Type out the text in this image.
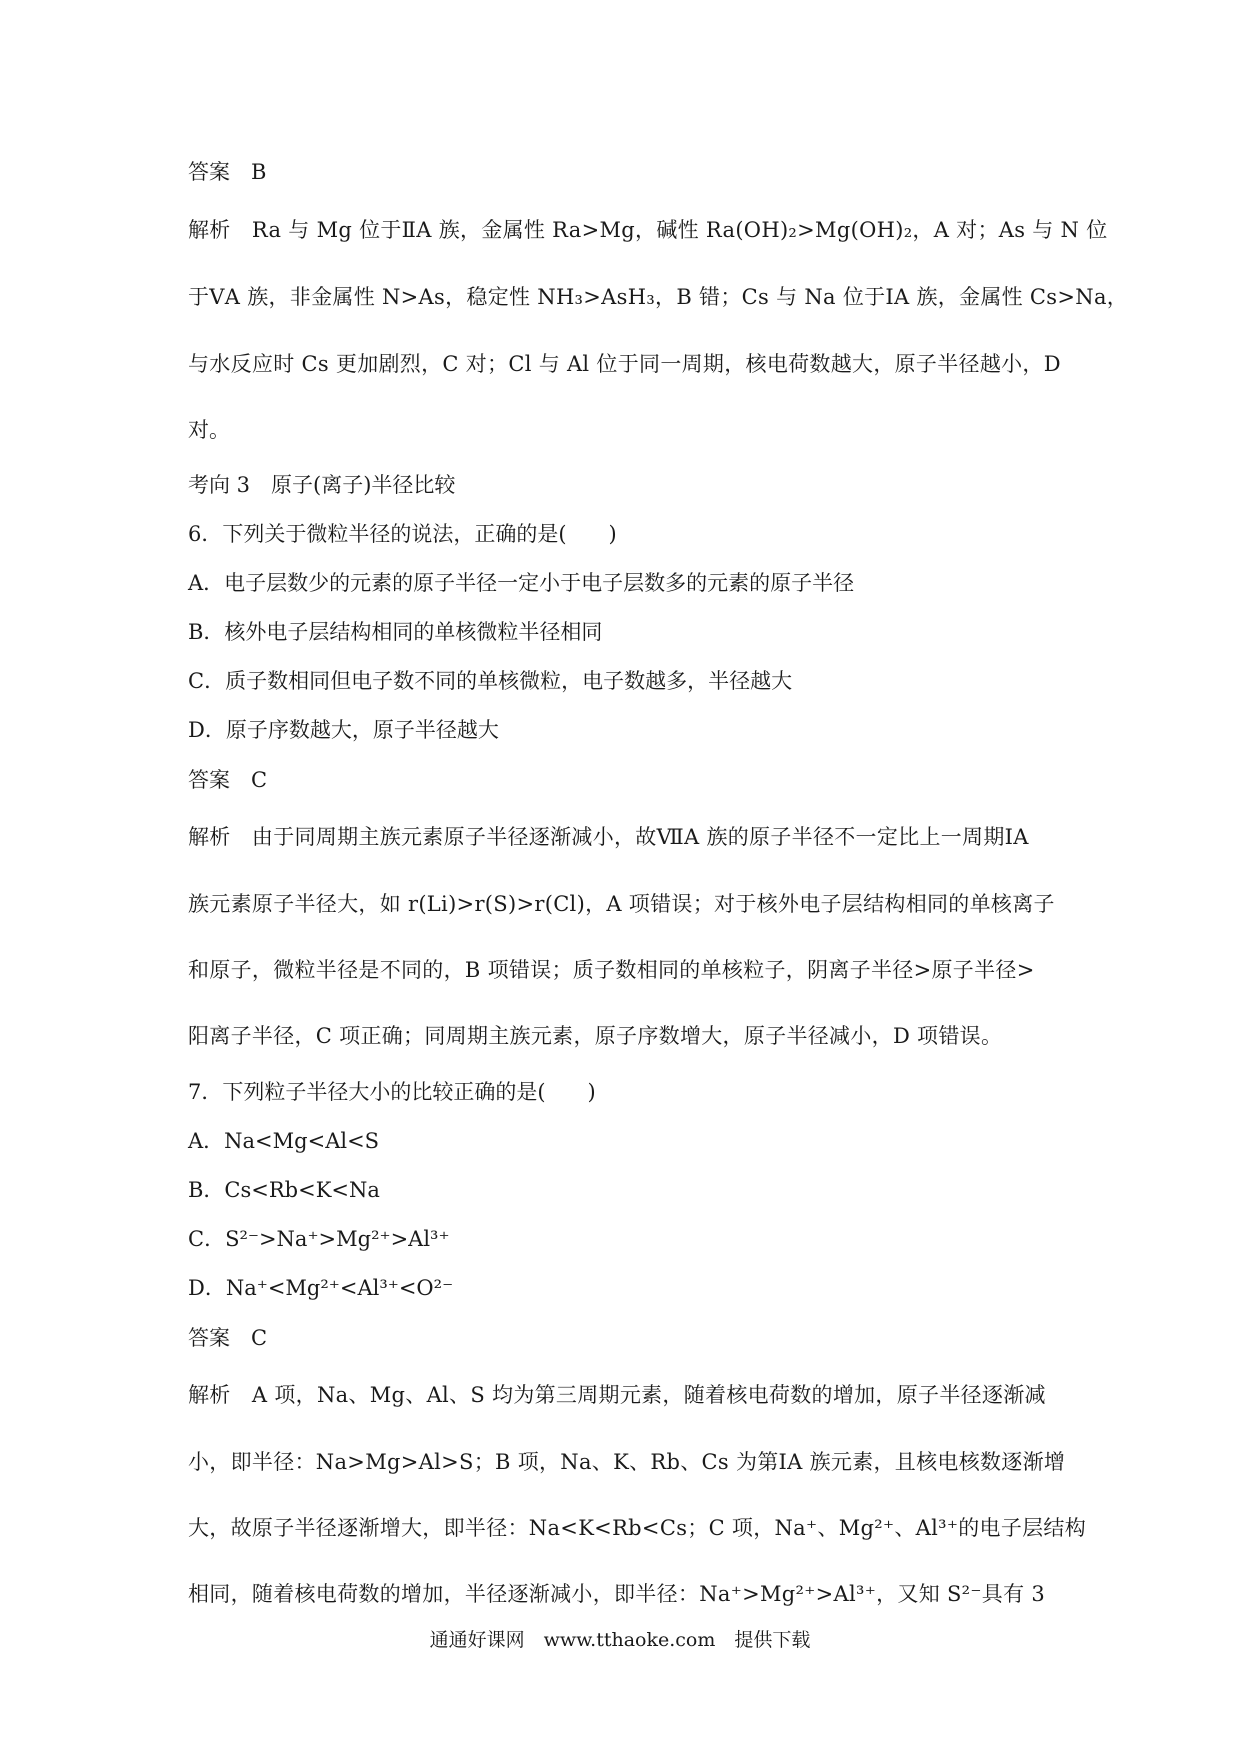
答案　B
解析　Ra 与 Mg 位于ⅡA 族，金属性 Ra>Mg，碱性 Ra(OH)₂>Mg(OH)₂，A 对；As 与 N 位
于ⅤA 族，非金属性 N>As，稳定性 NH₃>AsH₃，B 错；Cs 与 Na 位于ⅠA 族，金属性 Cs>Na，
与水反应时 Cs 更加剧烈，C 对；Cl 与 Al 位于同一周期，核电荷数越大，原子半径越小，D
对。
考向 3　原子(离子)半径比较
6．下列关于微粒半径的说法，正确的是(　　)
A．电子层数少的元素的原子半径一定小于电子层数多的元素的原子半径
B．核外电子层结构相同的单核微粒半径相同
C．质子数相同但电子数不同的单核微粒，电子数越多，半径越大
D．原子序数越大，原子半径越大
答案　C
解析　由于同周期主族元素原子半径逐渐减小，故ⅦA 族的原子半径不一定比上一周期ⅠA
族元素原子半径大，如 r(Li)>r(S)>r(Cl)，A 项错误；对于核外电子层结构相同的单核离子
和原子，微粒半径是不同的，B 项错误；质子数相同的单核粒子，阴离子半径>原子半径>
阳离子半径，C 项正确；同周期主族元素，原子序数增大，原子半径减小，D 项错误。
7．下列粒子半径大小的比较正确的是(　　)
A．Na<Mg<Al<S
B．Cs<Rb<K<Na
C．S²⁻>Na⁺>Mg²⁺>Al³⁺
D．Na⁺<Mg²⁺<Al³⁺<O²⁻
答案　C
解析　A 项，Na、Mg、Al、S 均为第三周期元素，随着核电荷数的增加，原子半径逐渐减
小，即半径：Na>Mg>Al>S；B 项，Na、K、Rb、Cs 为第ⅠA 族元素，且核电核数逐渐增
大，故原子半径逐渐增大，即半径：Na<K<Rb<Cs；C 项，Na⁺、Mg²⁺、Al³⁺的电子层结构
相同，随着核电荷数的增加，半径逐渐减小，即半径：Na⁺>Mg²⁺>Al³⁺，又知 S²⁻具有 3
通通好课网　www.tthaoke.com　提供下载
